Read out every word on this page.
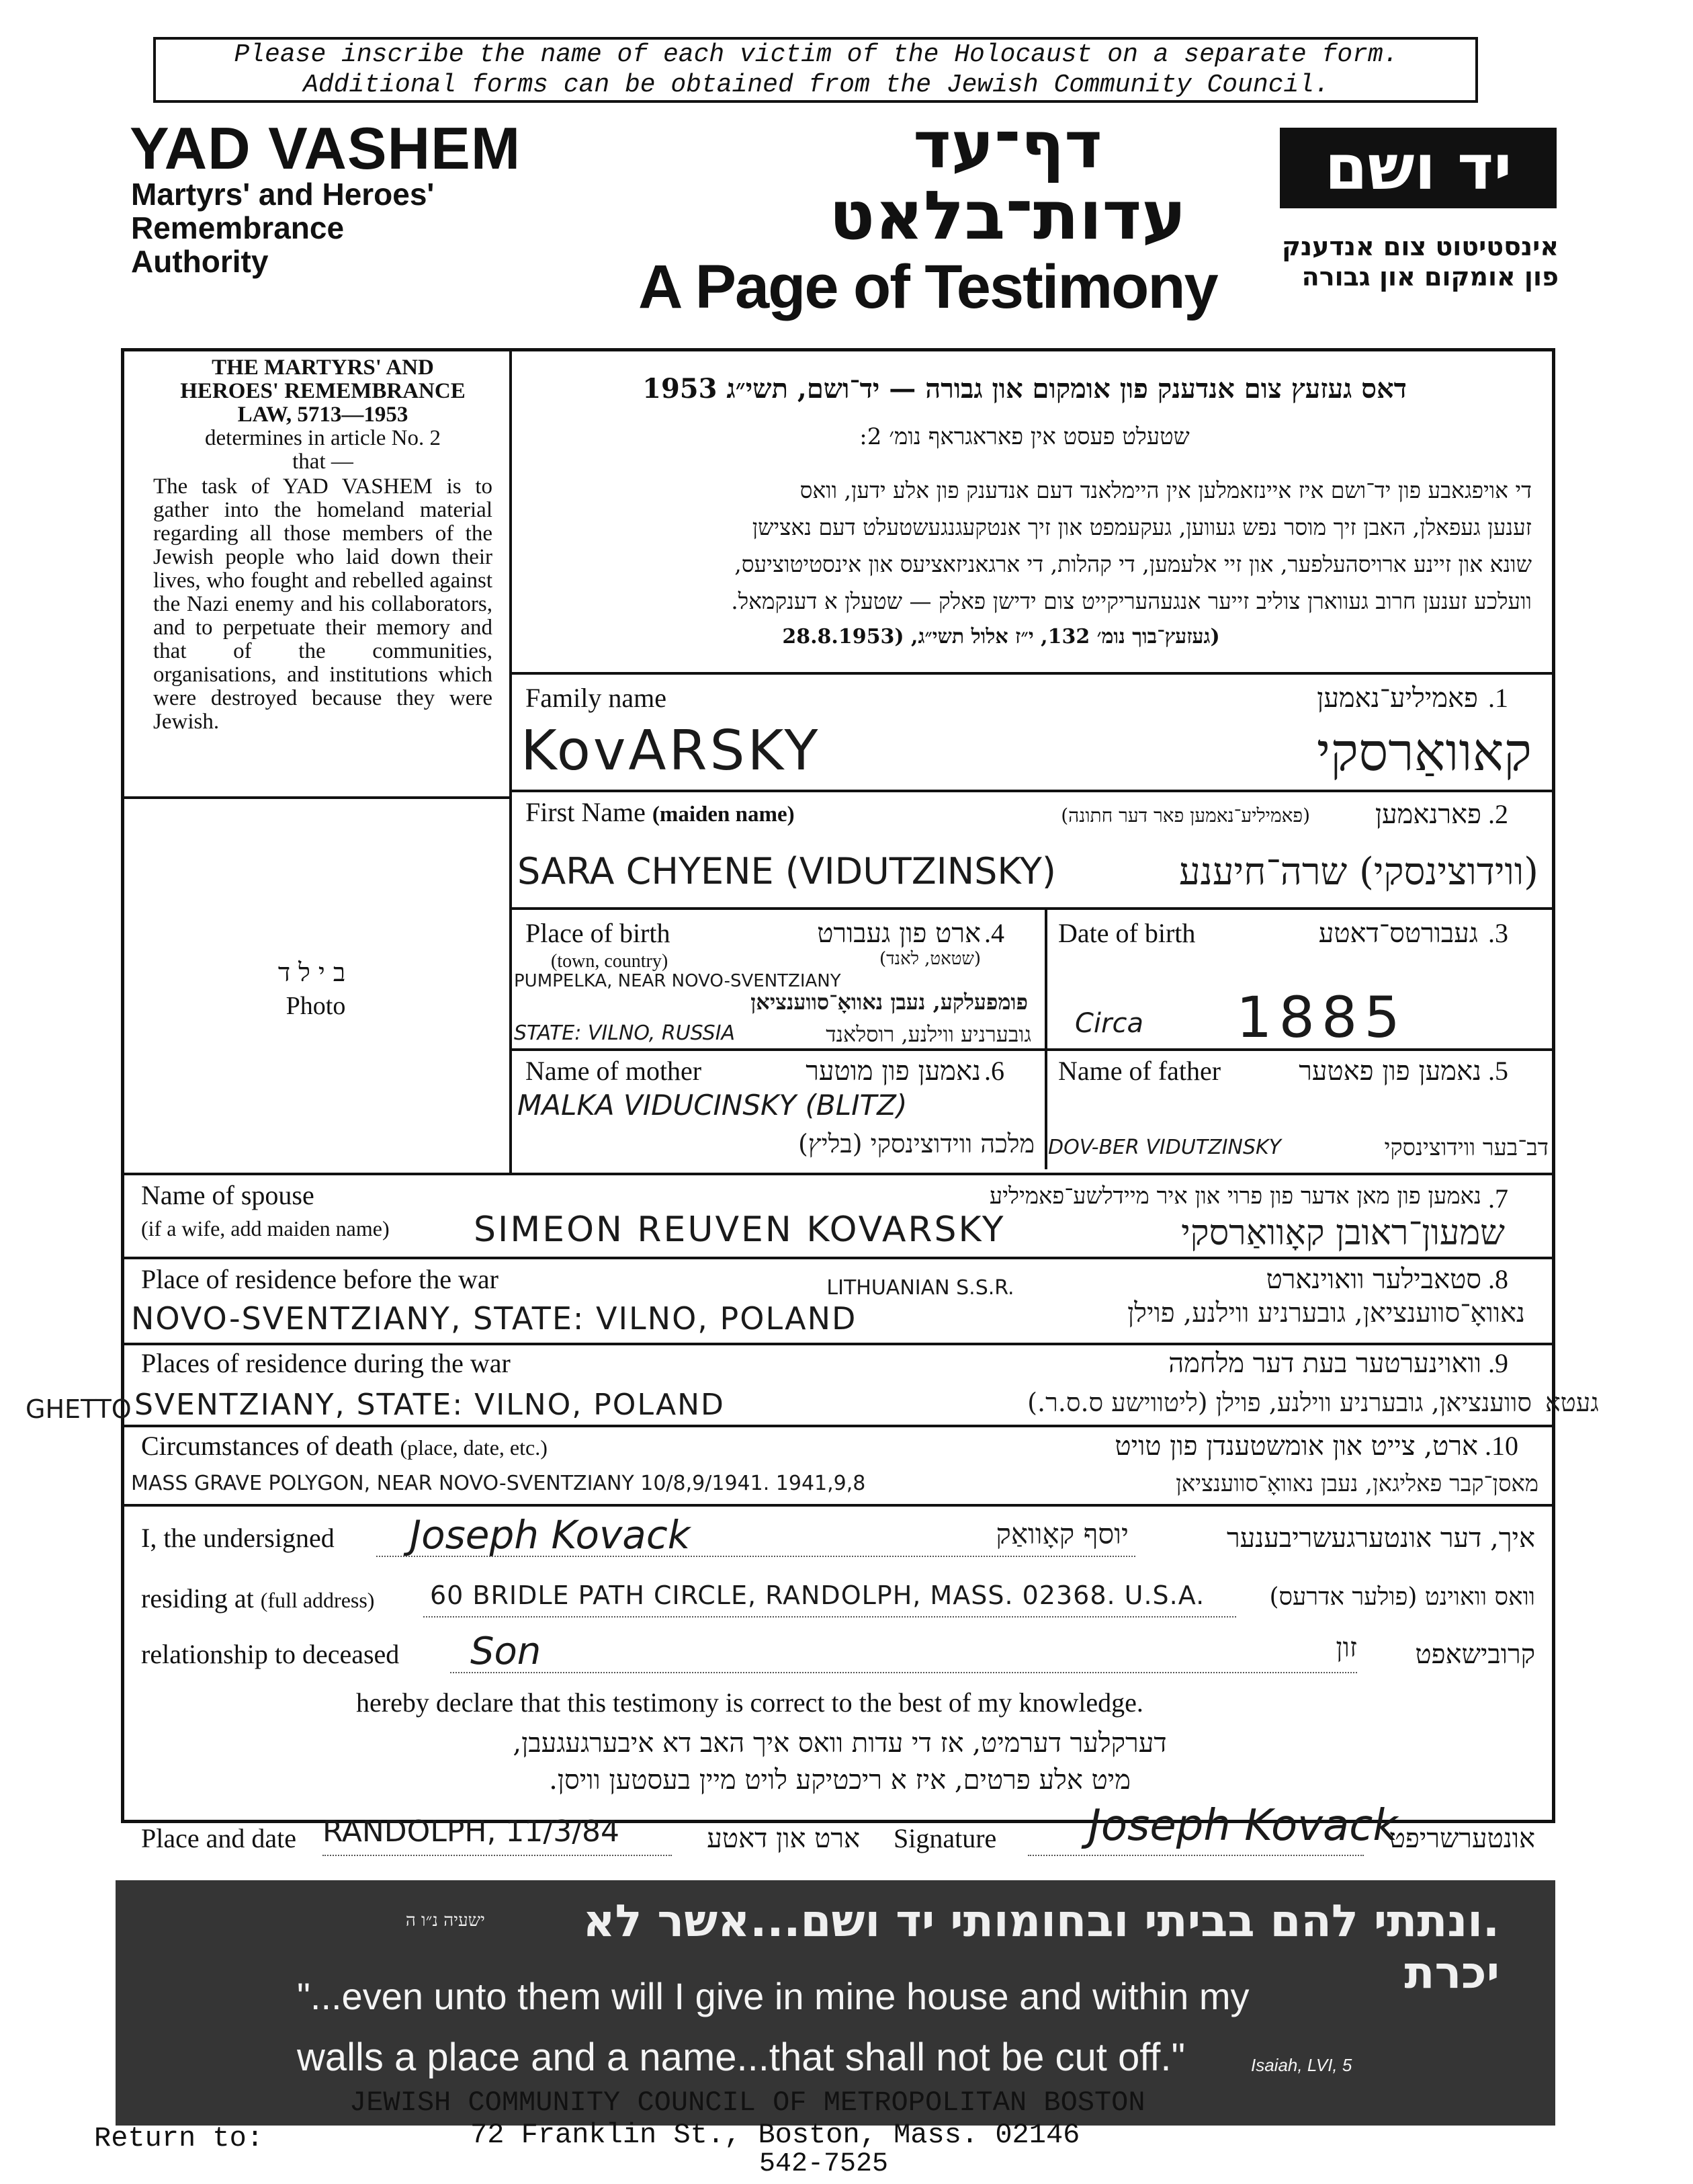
Please inscribe the name of each victim of the Holocaust on a separate form.
Additional forms can be obtained from the Jewish Community Council.
YAD VASHEM
Martyrs' and Heroes'
Remembrance
Authority
דף־עד
עדות־בלאט
A Page of Testimony
יד ושם
אינסטיטוט צום אנדענק
פון אומקום און גבורה

THE MARTYRS' AND

HEROES' REMEMBRANCE

LAW, 5713—1953

determines in article No. 2

that —

The task of YAD VASHEM is to gather into the homeland material regarding all those members of the Jewish people who laid down their lives, who fought and rebelled against the Nazi enemy and his collaborators, and to perpetuate their memory and that of the communities, organisations, and institutions which were destroyed because they were Jewish.

דאס געזעץ צום אנדענק פון אומקום און גבורה — יד־ושם, תשי״ג 1953
שטעלט פעסט אין פאראגראף נומ׳ 2:
די אויפגאבע פון יד־ושם איז איינזאמלען אין היימלאנד דעם אנדענק פון אלע ידען, וואס
זענען געפאלן, האבן זיך מוסר נפש געווען, געקעמפט און זיך אנטקעגנגעשטעלט דעם נאצישן
שונא און זיינע ארויסהעלפער, און זיי אלעמען, די קהלות, די ארגאניזאציעס און אינסטיטוציעס,
וועלכע זענען חרוב געווארן צוליב זייער אנגעהעריקייט צום ידישן פאלק — שטעלן א דענקמאל.
(געזעץ־בוך נומ׳ 132, י״ז אלול תשי״ג, (28.8.1953
בילד
Photo
Family name	פאמיליע־נאמען .1
KovARSKY	קאוואַרסקי
First Name (maiden name)	(פאמיליע־נאמען פאר דער חתונה)	פארנאמען .2
SARA CHYENE (VIDUTZINSKY)	(ווידוצינסקי) שרה־חיענע
Place of birth	ארט פון געבורט .4
(town, country)	(שטאט, לאנד)
PUMPELKA, NEAR NOVO-SVENTZIANY
פומפעלקע, נעבן נאוואָ־סווענציאן
STATE: VILNO, RUSSIA	גובערניע ווילנע, רוסלאנד
Date of birth	געבורטס־דאטע .3
Circa 1885
Name of mother	נאמען פון מוטער .6
MALKA VIDUCINSKY (BLITZ)
מלכה ווידוצינסקי (בליץ)
Name of father	נאמען פון פאטער .5
DOV-BER VIDUTZINSKY	דב־בער ווידוצינסקי
Name of spouse
(if a wife, add maiden name)
נאמען פון מאן אדער פון פרוי און איר מיידלשע־פאמיליע .7
SIMEON REUVEN KOVARSKY	שמעון־ראובן קאָוואַרסקי
Place of residence before the war	סטאבילער וואוינארט .8
NOVO-SVENTZIANY, STATE: VILNO, POLAND
LITHUANIAN S.S.R.
נאוואָ־סווענציאן, גובערניע ווילנע, פוילן
Places of residence during the war	וואוינערטער בעת דער מלחמה .9
GHETTO SVENTZIANY, STATE: VILNO, POLAND	סווענציאן, גובערניע ווילנע, פוילן (ליטווישע ס.ס.ר.) געטא
Circumstances of death (place, date, etc.)	ארט, צייט און אומשטענדן פון טויט .10
MASS GRAVE POLYGON, NEAR NOVO-SVENTZIANY 10/8,9/1941. 1941,9,8	מאסן־קבר פאליגאן, נעבן נאוואָ־סווענציאן
I, the undersigned Joseph Kovack	יוסף קאָוואַק	איך, דער אונטערגעשריבענער
residing at (full address) 60 BRIDLE PATH CIRCLE, RANDOLPH, MASS. 02368. U.S.A.	וואס וואוינט (פולער אדרעס)
relationship to deceased Son	זון	קרובישאפט
hereby declare that this testimony is correct to the best of my knowledge.
דערקלער דערמיט, אז די עדות וואס איך האב דא איבערגעגעבן,
מיט אלע פרטים, איז א ריכטיקע לויט מיין בעסטען וויסן.
Place and date RANDOLPH, 11/3/84	ארט און דאטע Signature Joseph Kovack
אונטערשריפט
.ונתתי להם בביתי ובחומותי יד ושם...אשר לא יכרת
ישעיה נ״ו ה
"...even unto them will I give in mine house and within my
walls a place and a name...that shall not be cut off."	Isaiah, LVI, 5
JEWISH COMMUNITY COUNCIL OF METROPOLITAN BOSTON
Return to:	72 Franklin St., Boston, Mass. 02146
542-7525
